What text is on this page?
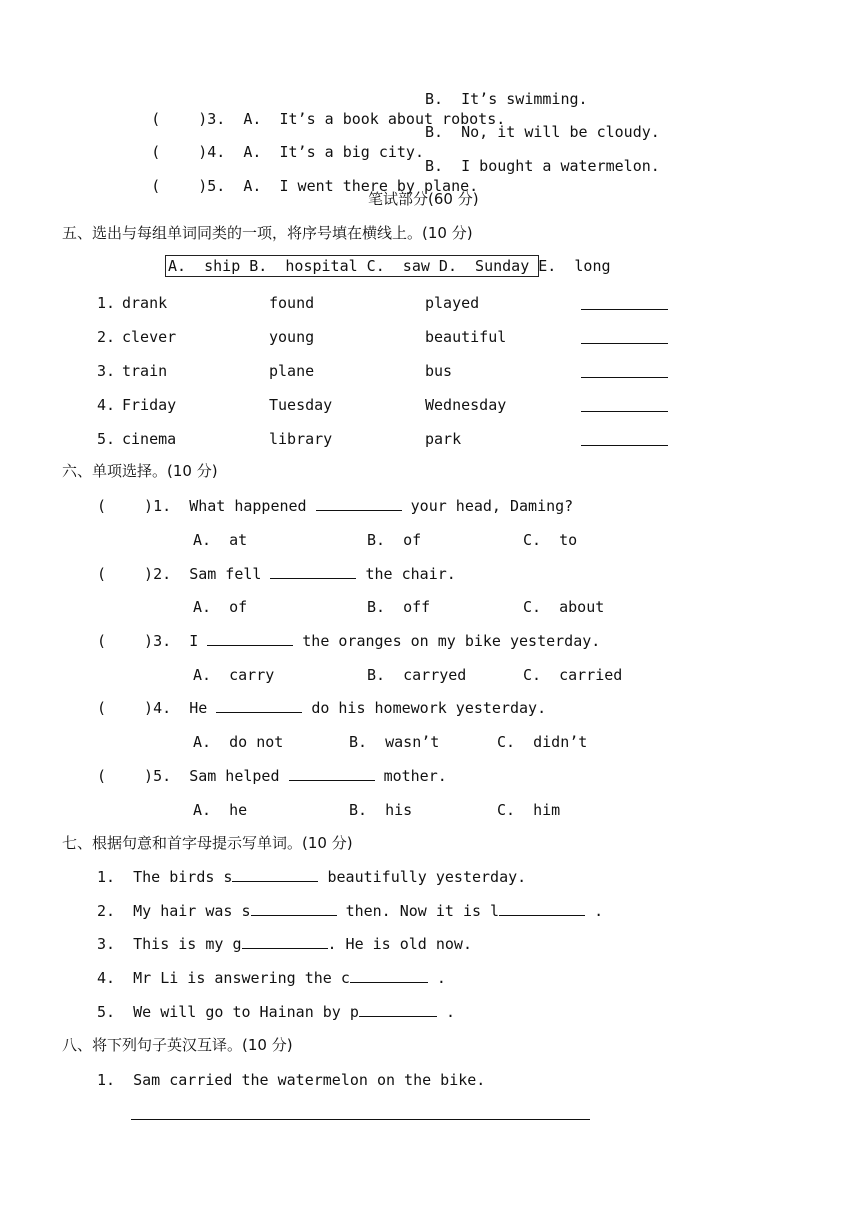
(	)3. A.  It’s a book about robots.

B.  It’s swimming.

(	)4. A.  It’s a big city.

B.  No, it will be cloudy.

(	)5. A.  I went there by plane.

B.  I bought a watermelon.
笔试部分(60 分)
五、选出与每组单词同类的一项，将序号填在横线上。(10 分)
A.  ship B.  hospital C.  saw D.  Sunday E.  long
1. drank	found	played
2. clever	young	beautiful
3. train	plane	bus
4. Friday	Tuesday	Wednesday
5. cinema	library	park
六、单项选择。(10 分)
(	)1. What happened	your head, Daming?
A.  at	B.  of	C.  to
(	)2. Sam fell	the chair.
A.  of	B.  off	C.  about
(	)3. I	the oranges on my bike yesterday.
A.  carry	B.  carryed	C.  carried
(	)4. He	do his homework yesterday.
A.  do not	B.  wasn’t	C.  didn’t
(	)5. Sam helped	mother.
A.  he	B.  his	C.  him
七、根据句意和首字母提示写单词。(10 分)
1. The birds s	beautifully yesterday.
2. My hair was s	then. Now it is l	.
3. This is my g	. He is old now.
4. Mr Li is answering the c	.
5. We will go to Hainan by p	.
八、将下列句子英汉互译。(10 分)
1. Sam carried the watermelon on the bike.
